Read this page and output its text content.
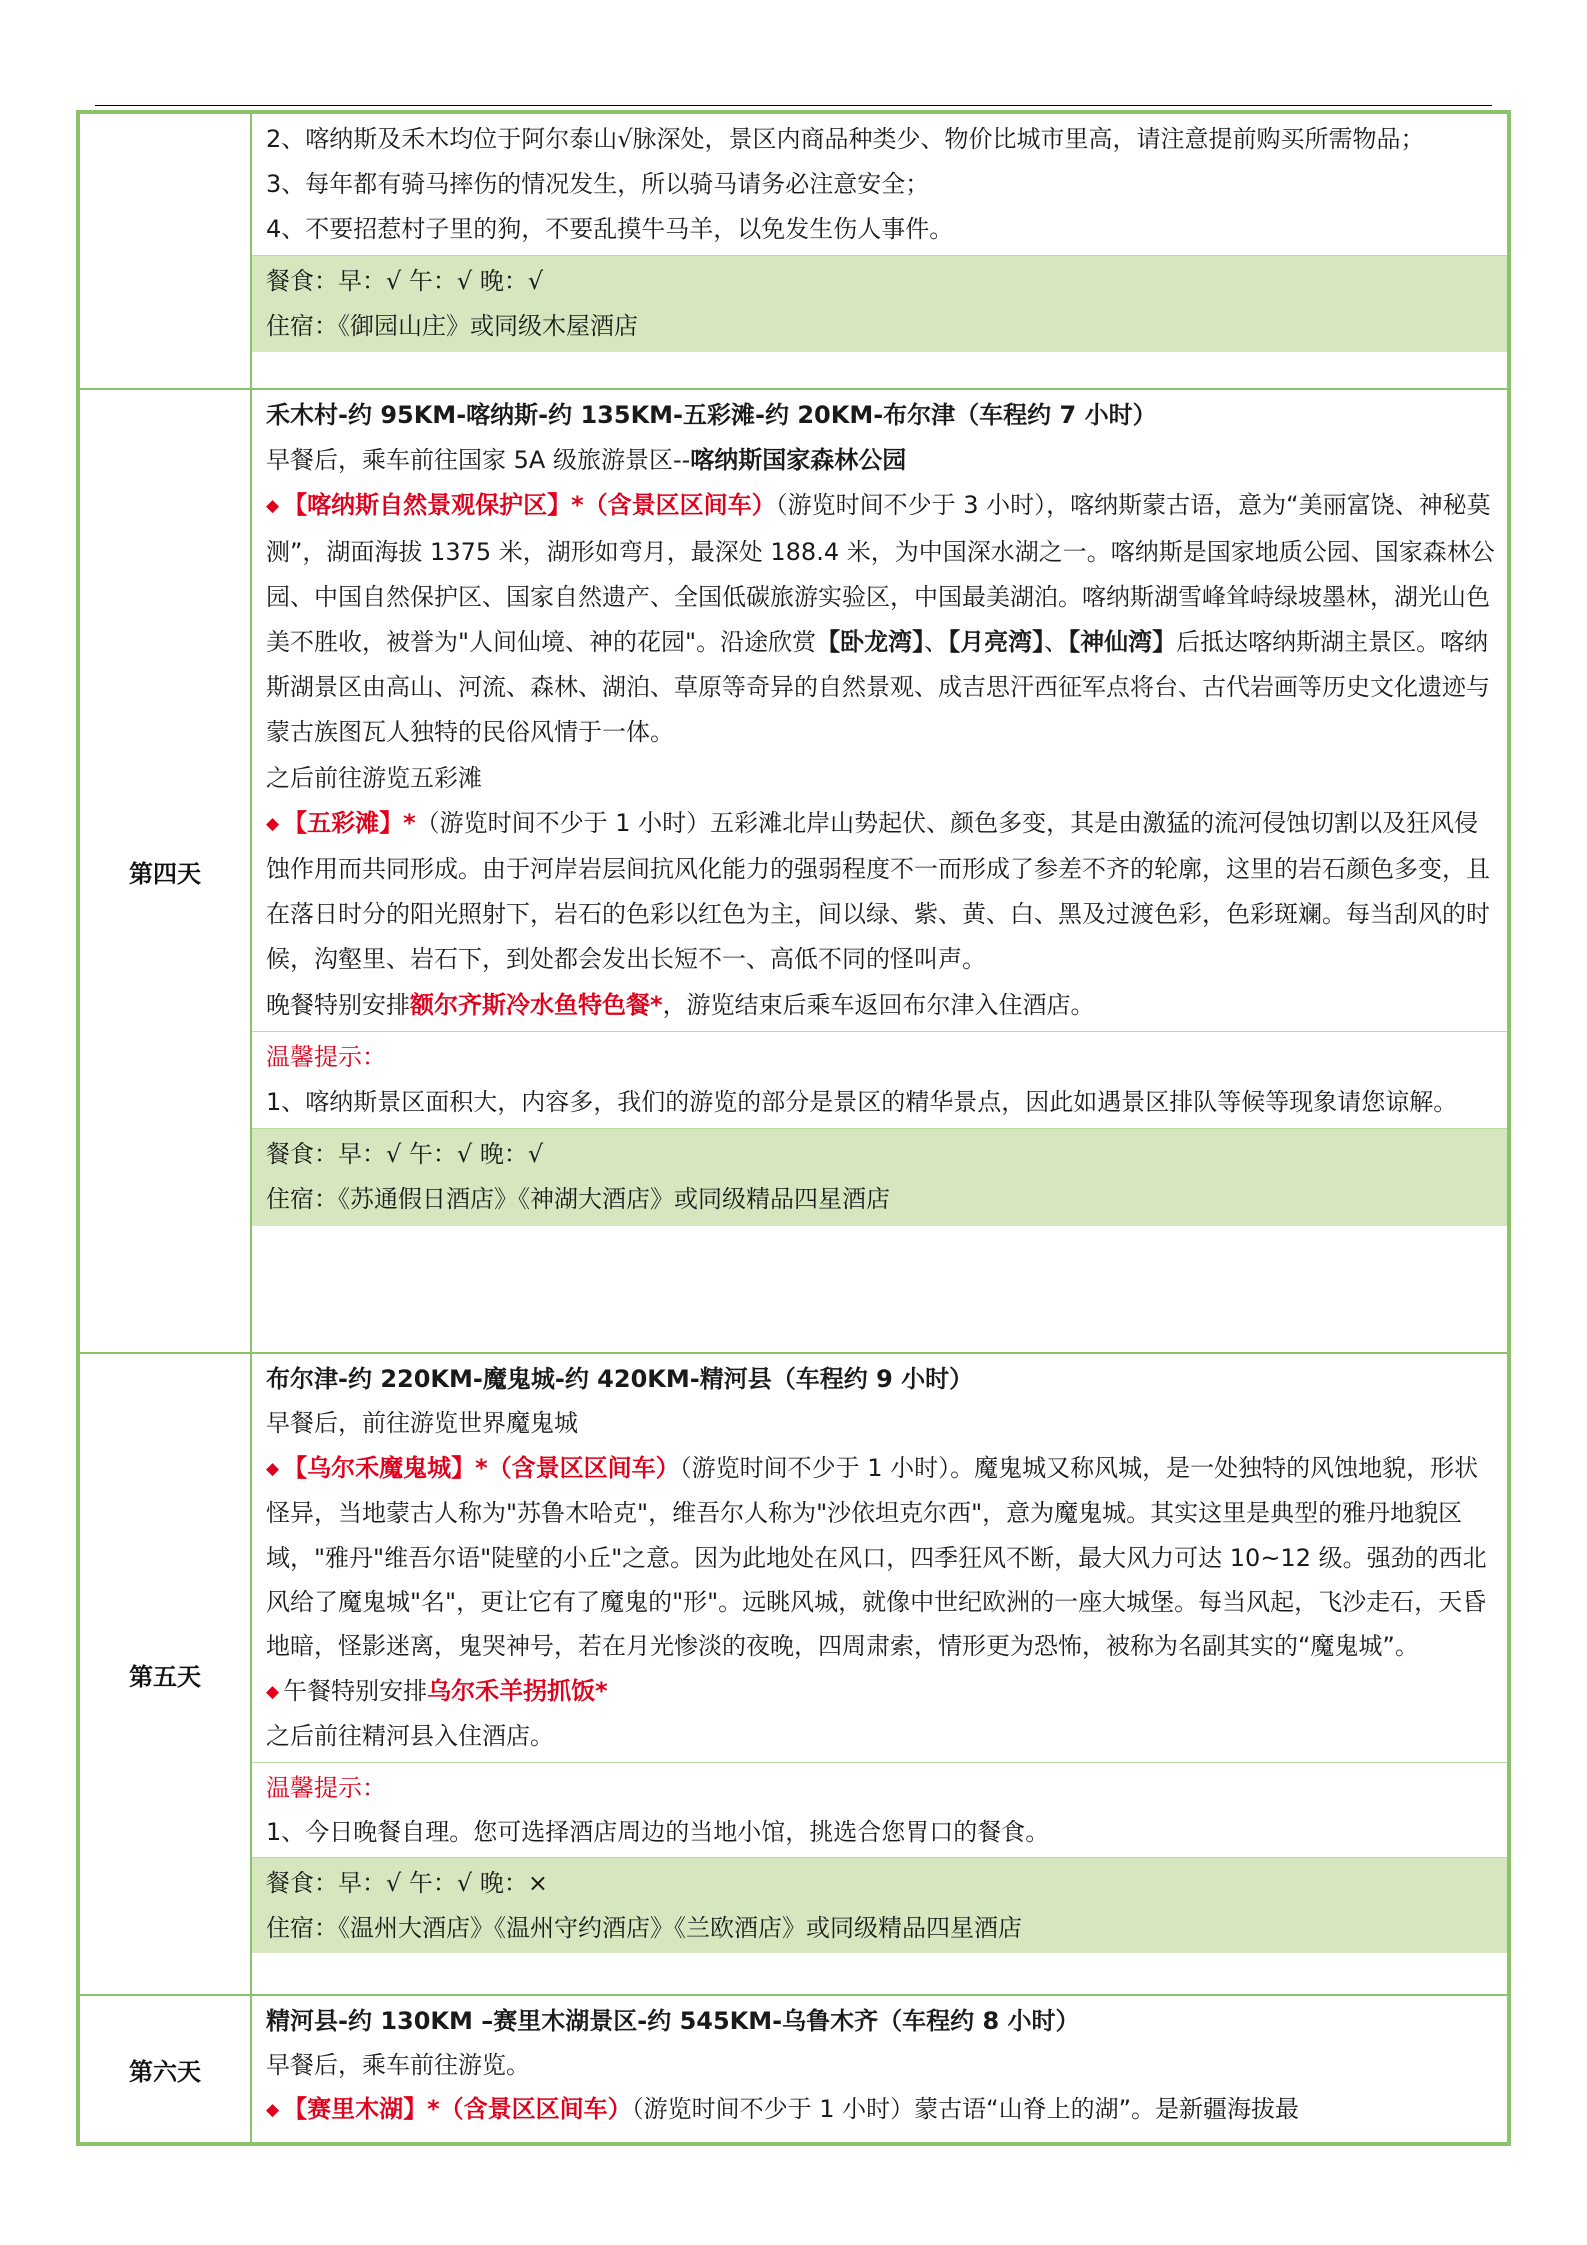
2、喀纳斯及禾木均位于阿尔泰山√脉深处，景区内商品种类少、物价比城市里高，请注意提前购买所需物品；
3、每年都有骑马摔伤的情况发生，所以骑马请务必注意安全；
4、不要招惹村子里的狗，不要乱摸牛马羊，以免发生伤人事件。
餐食：早：√ 午：√ 晚：√
住宿：《御园山庄》或同级木屋酒店
第四天
禾木村-约 95KM-喀纳斯-约 135KM-五彩滩-约 20KM-布尔津（车程约 7 小时）
早餐后，乘车前往国家 5A 级旅游景区--喀纳斯国家森林公园
◆ 【喀纳斯自然景观保护区】*（含景区区间车）（游览时间不少于 3 小时），喀纳斯蒙古语，意为“美丽富饶、神秘莫测”，湖面海拔 1375 米，湖形如弯月，最深处 188.4 米，为中国深水湖之一。喀纳斯是国家地质公园、国家森林公园、中国自然保护区、国家自然遗产、全国低碳旅游实验区，中国最美湖泊。喀纳斯湖雪峰耸峙绿坡墨林，湖光山色美不胜收，被誉为"人间仙境、神的花园"。沿途欣赏【卧龙湾】、【月亮湾】、【神仙湾】后抵达喀纳斯湖主景区。喀纳斯湖景区由高山、河流、森林、湖泊、草原等奇异的自然景观、成吉思汗西征军点将台、古代岩画等历史文化遗迹与蒙古族图瓦人独特的民俗风情于一体。
之后前往游览五彩滩
◆ 【五彩滩】*（游览时间不少于 1 小时）五彩滩北岸山势起伏、颜色多变，其是由激猛的流河侵蚀切割以及狂风侵蚀作用而共同形成。由于河岸岩层间抗风化能力的强弱程度不一而形成了参差不齐的轮廓，这里的岩石颜色多变，且在落日时分的阳光照射下，岩石的色彩以红色为主，间以绿、紫、黄、白、黑及过渡色彩，色彩斑斓。每当刮风的时候，沟壑里、岩石下，到处都会发出长短不一、高低不同的怪叫声。
晚餐特别安排额尔齐斯冷水鱼特色餐*，游览结束后乘车返回布尔津入住酒店。
温馨提示：
1、喀纳斯景区面积大，内容多，我们的游览的部分是景区的精华景点，因此如遇景区排队等候等现象请您谅解。
餐食：早：√ 午：√ 晚：√
住宿：《苏通假日酒店》《神湖大酒店》或同级精品四星酒店
第五天
布尔津-约 220KM-魔鬼城-约 420KM-精河县（车程约 9 小时）
早餐后，前往游览世界魔鬼城
◆ 【乌尔禾魔鬼城】*（含景区区间车）（游览时间不少于 1 小时）。魔鬼城又称风城，是一处独特的风蚀地貌，形状怪异，当地蒙古人称为"苏鲁木哈克"，维吾尔人称为"沙依坦克尔西"，意为魔鬼城。其实这里是典型的雅丹地貌区域，"雅丹"维吾尔语"陡壁的小丘"之意。因为此地处在风口，四季狂风不断，最大风力可达 10~12 级。强劲的西北风给了魔鬼城"名"，更让它有了魔鬼的"形"。远眺风城，就像中世纪欧洲的一座大城堡。每当风起，飞沙走石，天昏地暗，怪影迷离，鬼哭神号，若在月光惨淡的夜晚，四周肃索，情形更为恐怖，被称为名副其实的“魔鬼城”。
◆ 午餐特别安排乌尔禾羊拐抓饭*
之后前往精河县入住酒店。
温馨提示：
1、今日晚餐自理。您可选择酒店周边的当地小馆，挑选合您胃口的餐食。
餐食：早：√ 午：√ 晚：×
住宿：《温州大酒店》《温州守约酒店》《兰欧酒店》或同级精品四星酒店
第六天
精河县-约 130KM –赛里木湖景区-约 545KM-乌鲁木齐（车程约 8 小时）
早餐后，乘车前往游览。
◆ 【赛里木湖】*（含景区区间车）（游览时间不少于 1 小时）蒙古语“山脊上的湖”。是新疆海拔最
